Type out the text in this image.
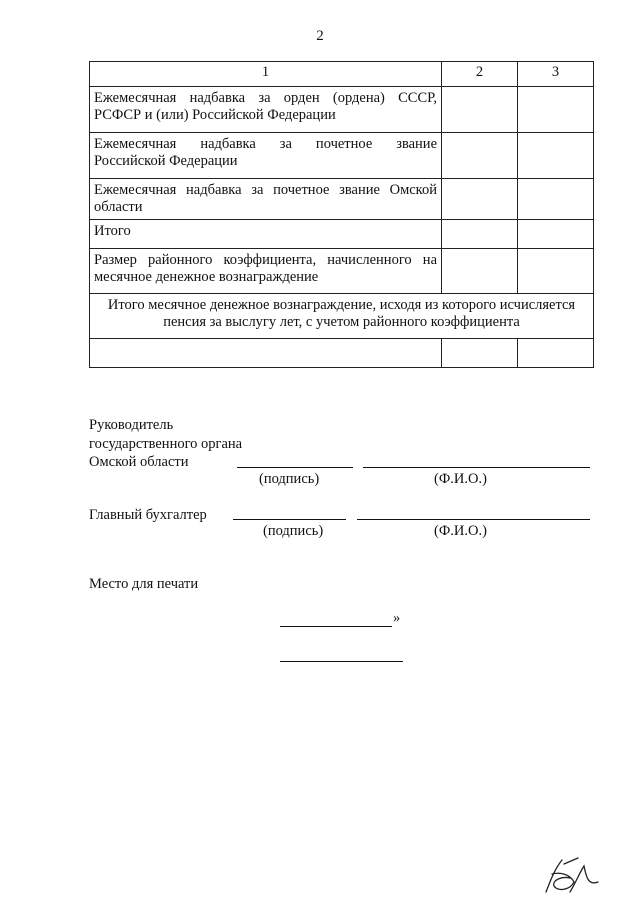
2
1	2	3

Ежемесячная надбавка за орден (ордена) СССР,
РСФСР и (или) Российской Федерации		

Ежемесячная надбавка за почетное звание
Российской Федерации		

Ежемесячная надбавка за почетное звание Омской
области		
Итого		

Размер районного коэффициента, начисленного на
месячное денежное вознаграждение		

Итого месячное денежное вознаграждение, исходя из которого исчисляется
пенсия за выслугу лет, с учетом районного коэффициента		

Руководитель
государственного органа
Омской области
(подпись)	(Ф.И.О.)
Главный бухгалтер
(подпись)	(Ф.И.О.)
Место для печати
»
